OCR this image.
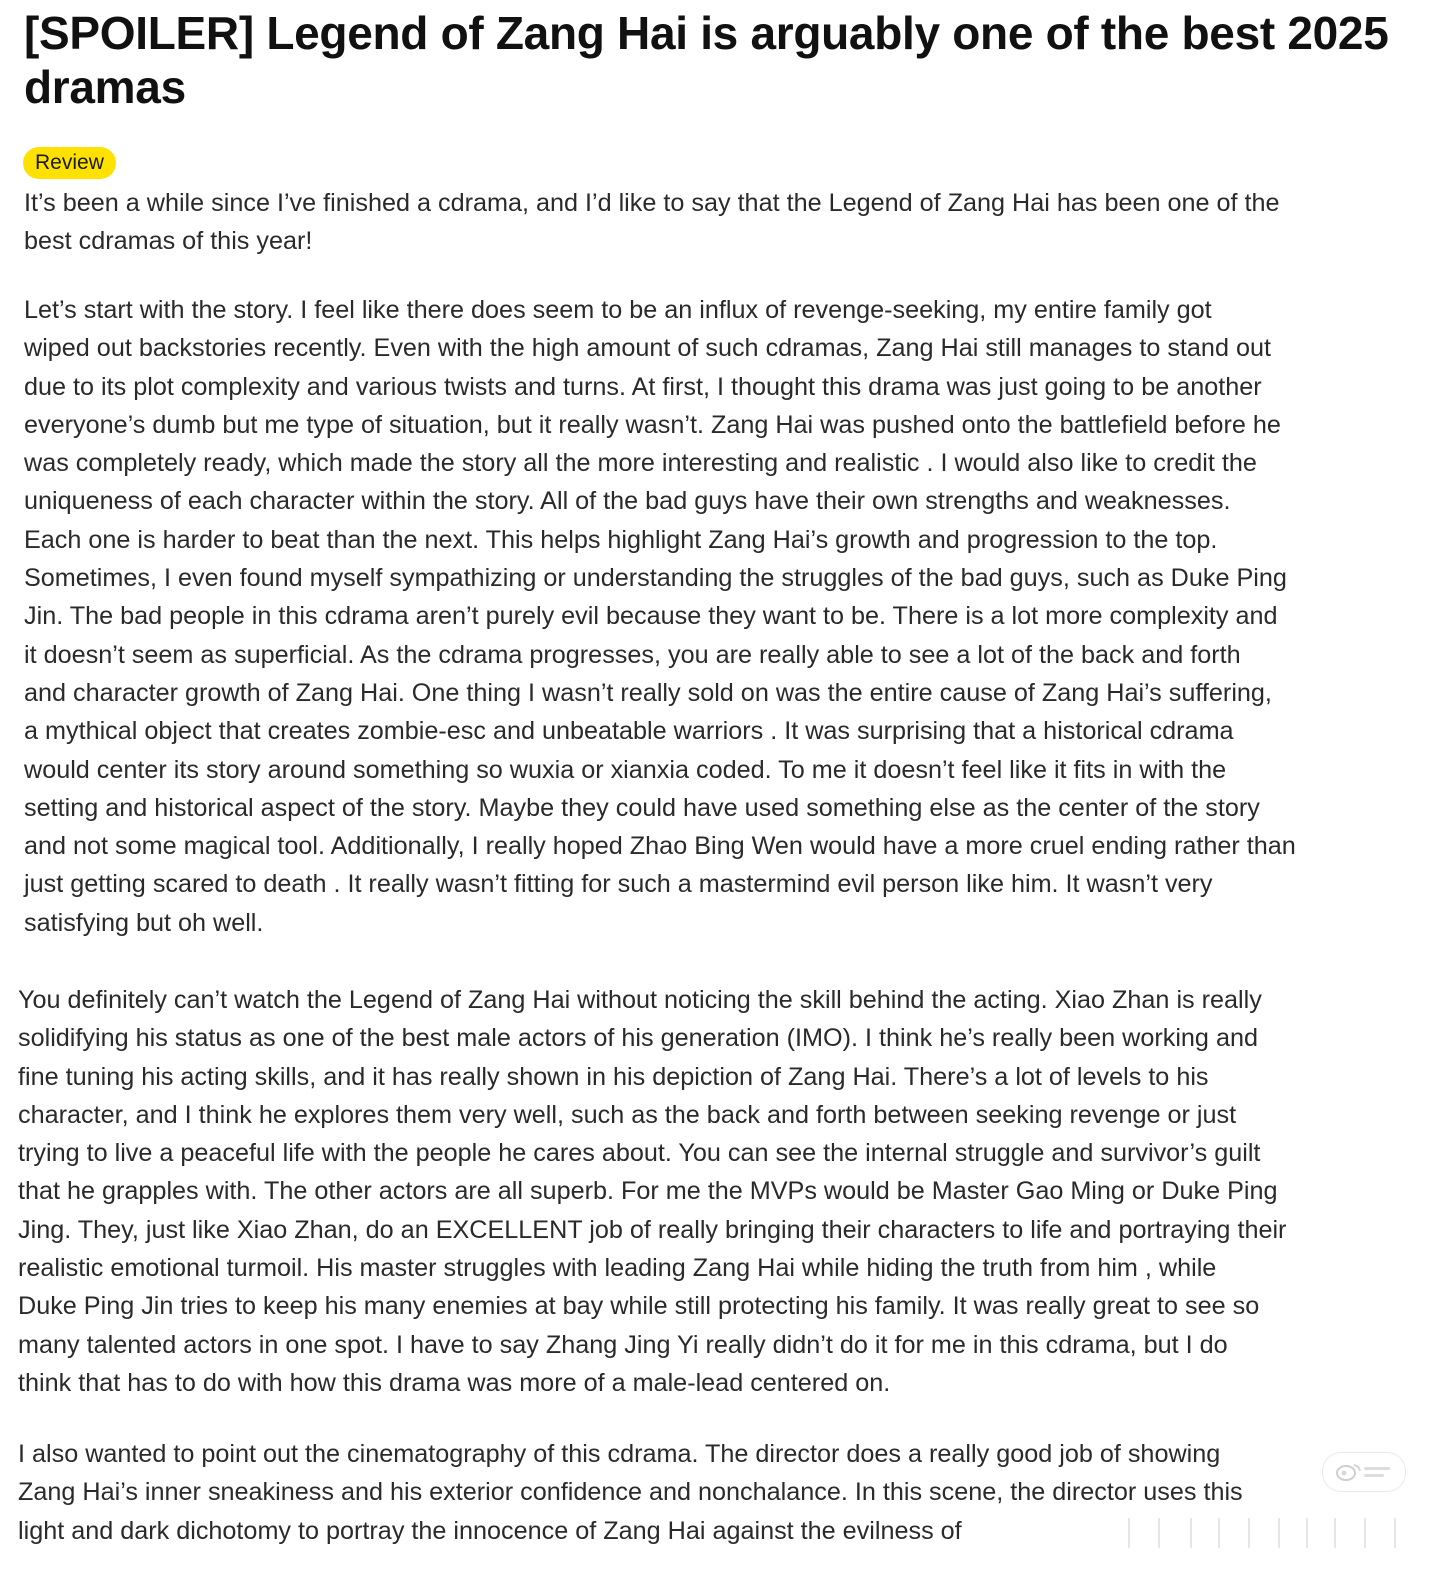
[SPOILER] Legend of Zang Hai is arguably one of the best 2025 dramas
Review

It’s been a while since I’ve finished a cdrama, and I’d like to say that the Legend of Zang Hai has been one of the
best cdramas of this year!

Let’s start with the story. I feel like there does seem to be an influx of revenge-seeking, my entire family got
wiped out backstories recently. Even with the high amount of such cdramas, Zang Hai still manages to stand out
due to its plot complexity and various twists and turns. At first, I thought this drama was just going to be another
everyone’s dumb but me type of situation, but it really wasn’t. Zang Hai was pushed onto the battlefield before he
was completely ready, which made the story all the more interesting and realistic . I would also like to credit the
uniqueness of each character within the story. All of the bad guys have their own strengths and weaknesses.
Each one is harder to beat than the next. This helps highlight Zang Hai’s growth and progression to the top.
Sometimes, I even found myself sympathizing or understanding the struggles of the bad guys, such as Duke Ping
Jin. The bad people in this cdrama aren’t purely evil because they want to be. There is a lot more complexity and
it doesn’t seem as superficial. As the cdrama progresses, you are really able to see a lot of the back and forth
and character growth of Zang Hai. One thing I wasn’t really sold on was the entire cause of Zang Hai’s suffering,
a mythical object that creates zombie-esc and unbeatable warriors . It was surprising that a historical cdrama
would center its story around something so wuxia or xianxia coded. To me it doesn’t feel like it fits in with the
setting and historical aspect of the story. Maybe they could have used something else as the center of the story
and not some magical tool. Additionally, I really hoped Zhao Bing Wen would have a more cruel ending rather than
just getting scared to death . It really wasn’t fitting for such a mastermind evil person like him. It wasn’t very
satisfying but oh well.

You definitely can’t watch the Legend of Zang Hai without noticing the skill behind the acting. Xiao Zhan is really
solidifying his status as one of the best male actors of his generation (IMO). I think he’s really been working and
fine tuning his acting skills, and it has really shown in his depiction of Zang Hai. There’s a lot of levels to his
character, and I think he explores them very well, such as the back and forth between seeking revenge or just
trying to live a peaceful life with the people he cares about. You can see the internal struggle and survivor’s guilt
that he grapples with. The other actors are all superb. For me the MVPs would be Master Gao Ming or Duke Ping
Jing. They, just like Xiao Zhan, do an EXCELLENT job of really bringing their characters to life and portraying their
realistic emotional turmoil. His master struggles with leading Zang Hai while hiding the truth from him , while
Duke Ping Jin tries to keep his many enemies at bay while still protecting his family. It was really great to see so
many talented actors in one spot. I have to say Zhang Jing Yi really didn’t do it for me in this cdrama, but I do
think that has to do with how this drama was more of a male-lead centered on.

I also wanted to point out the cinematography of this cdrama. The director does a really good job of showing
Zang Hai’s inner sneakiness and his exterior confidence and nonchalance. In this scene, the director uses this
light and dark dichotomy to portray the innocence of Zang Hai against the evilness of
